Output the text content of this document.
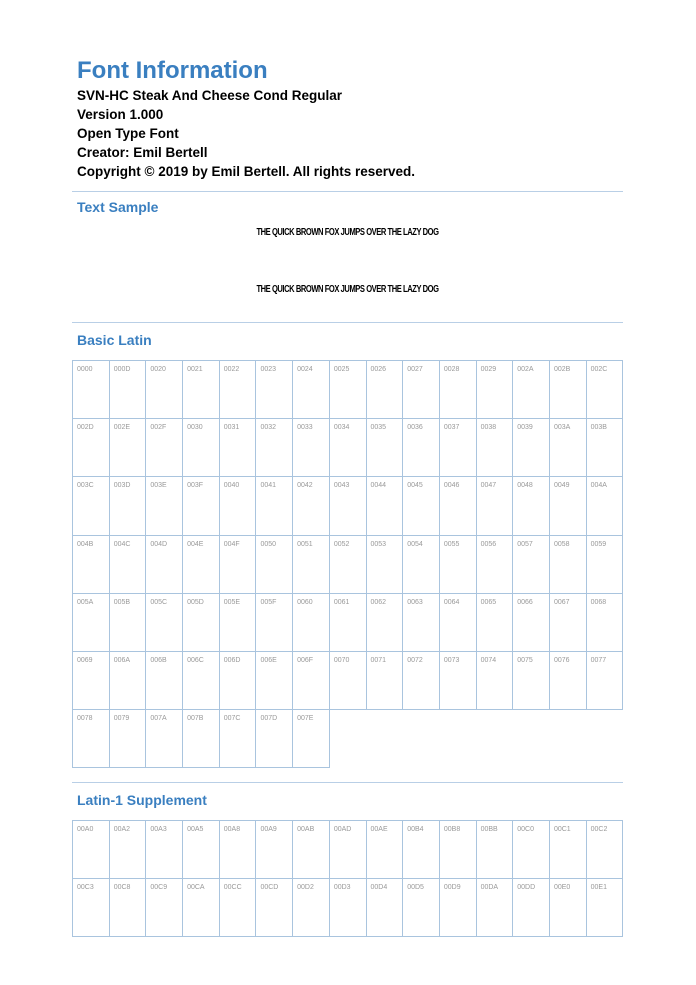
Font Information
SVN-HC Steak And Cheese Cond Regular
Version 1.000
Open Type Font
Creator: Emil Bertell
Copyright © 2019 by Emil Bertell. All rights reserved.
Text Sample
THE QUICK BROWN FOX JUMPS OVER THE LAZY DOG
THE QUICK BROWN FOX JUMPS OVER THE LAZY DOG
Basic Latin
0000	000D	0020	0021	0022	0023	0024	0025	0026	0027	0028	0029	002A	002B	002C

002D	002E	002F	0030	0031	0032	0033	0034	0035	0036	0037	0038	0039	003A	003B

003C	003D	003E	003F	0040	0041	0042	0043	0044	0045	0046	0047	0048	0049	004A

004B	004C	004D	004E	004F	0050	0051	0052	0053	0054	0055	0056	0057	0058	0059

005A	005B	005C	005D	005E	005F	0060	0061	0062	0063	0064	0065	0066	0067	0068

0069	006A	006B	006C	006D	006E	006F	0070	0071	0072	0073	0074	0075	0076	0077

0078	0079	007A	007B	007C	007D	007E								

Latin-1 Supplement
00A0	00A2	00A3	00A5	00A8	00A9	00AB	00AD	00AE	00B4	00B8	00BB	00C0	00C1	00C2

00C3	00C8	00C9	00CA	00CC	00CD	00D2	00D3	00D4	00D5	00D9	00DA	00DD	00E0	00E1
